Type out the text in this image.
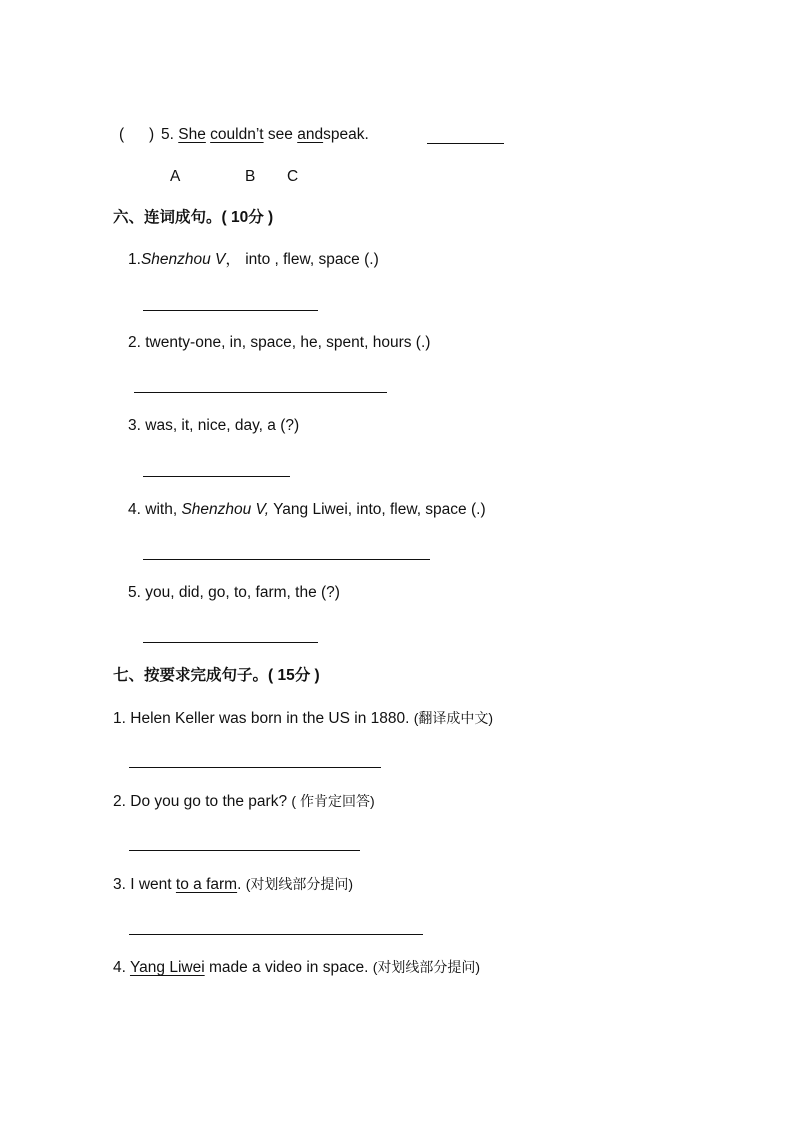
( ) 5. She couldn’t see andspeak.
A	B C
六、连词成句。( 10分 )
1.Shenzhou V， into , flew, space (.)
2. twenty-one, in, space, he, spent, hours (.)
3. was, it, nice, day, a (?)
4. with, Shenzhou V, Yang Liwei, into, flew, space (.)
5. you, did, go, to, farm, the (?)
七、按要求完成句子。( 15分 )
1. Helen Keller was born in the US in 1880. (翻译成中文)
2. Do you go to the park? ( 作肯定回答)
3. I went to a farm. (对划线部分提问)
4. Yang Liwei made a video in space. (对划线部分提问)
